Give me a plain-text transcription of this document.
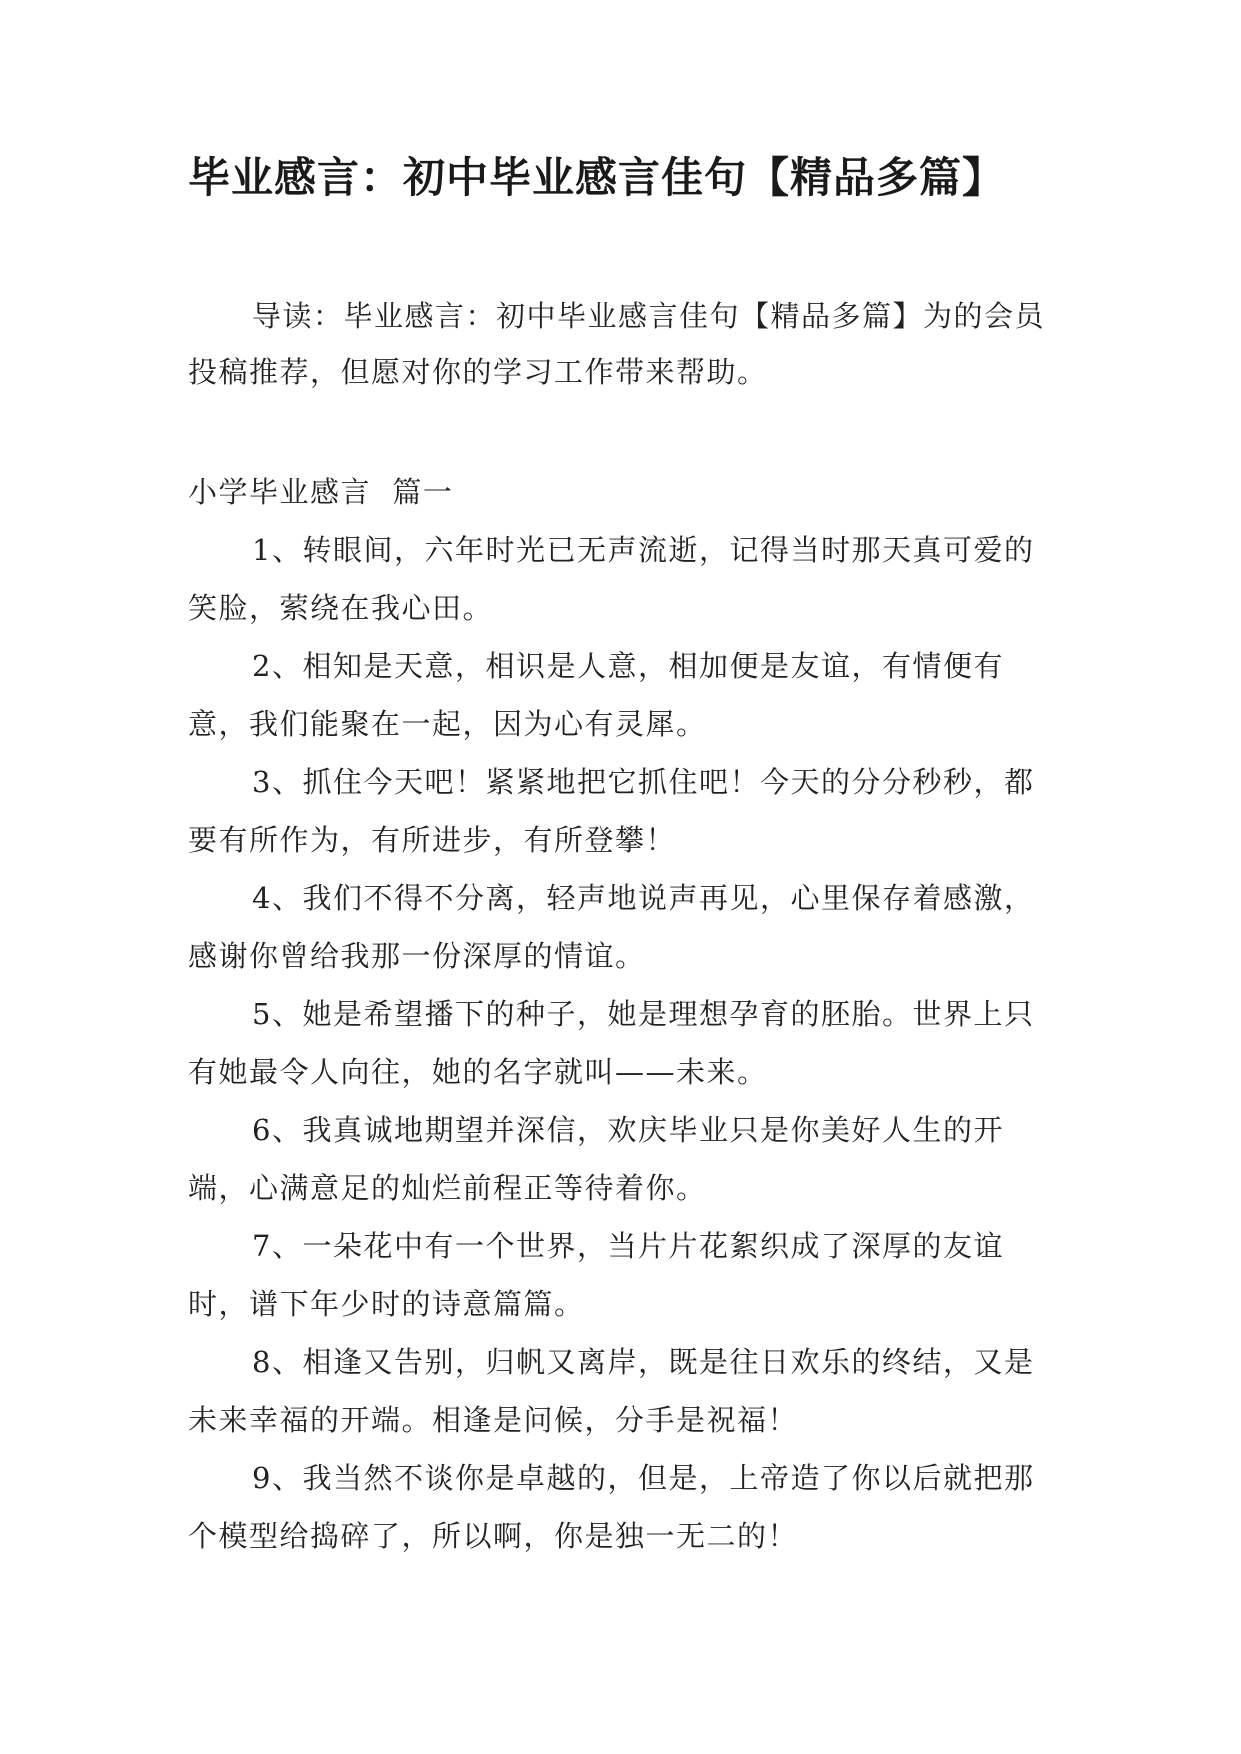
毕业感言：初中毕业感言佳句【精品多篇】

导读：毕业感言：初中毕业感言佳句【精品多篇】为的会员投稿推荐，但愿对你的学习工作带来帮助。

小学毕业感言  篇一

1、转眼间，六年时光已无声流逝，记得当时那天真可爱的笑脸，萦绕在我心田。
2、相知是天意，相识是人意，相加便是友谊，有情便有意，我们能聚在一起，因为心有灵犀。
3、抓住今天吧！紧紧地把它抓住吧！今天的分分秒秒，都要有所作为，有所进步，有所登攀！
4、我们不得不分离，轻声地说声再见，心里保存着感激，感谢你曾给我那一份深厚的情谊。
5、她是希望播下的种子，她是理想孕育的胚胎。世界上只有她最令人向往，她的名字就叫——未来。
6、我真诚地期望并深信，欢庆毕业只是你美好人生的开端，心满意足的灿烂前程正等待着你。
7、一朵花中有一个世界，当片片花絮织成了深厚的友谊时，谱下年少时的诗意篇篇。
8、相逢又告别，归帆又离岸，既是往日欢乐的终结，又是未来幸福的开端。相逢是问候，分手是祝福！
9、我当然不谈你是卓越的，但是，上帝造了你以后就把那个模型给捣碎了，所以啊，你是独一无二的！
